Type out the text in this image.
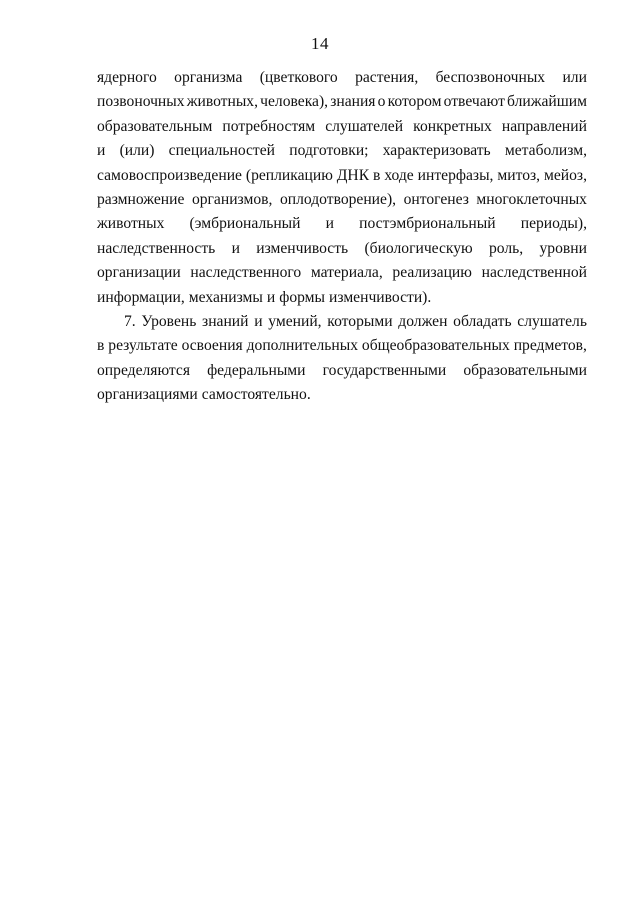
14
ядерного организма (цветкового растения, беспозвоночных или
позвоночных животных, человека), знания о котором отвечают ближайшим
образовательным потребностям слушателей конкретных направлений
и (или) специальностей подготовки; характеризовать метаболизм,
самовоспроизведение (репликацию ДНК в ходе интерфазы, митоз, мейоз,
размножение организмов, оплодотворение), онтогенез многоклеточных
животных (эмбриональный и постэмбриональный периоды),
наследственность и изменчивость (биологическую роль, уровни
организации наследственного материала, реализацию наследственной
информации, механизмы и формы изменчивости).
7. Уровень знаний и умений, которыми должен обладать слушатель
в результате освоения дополнительных общеобразовательных предметов,
определяются федеральными государственными образовательными
организациями самостоятельно.
